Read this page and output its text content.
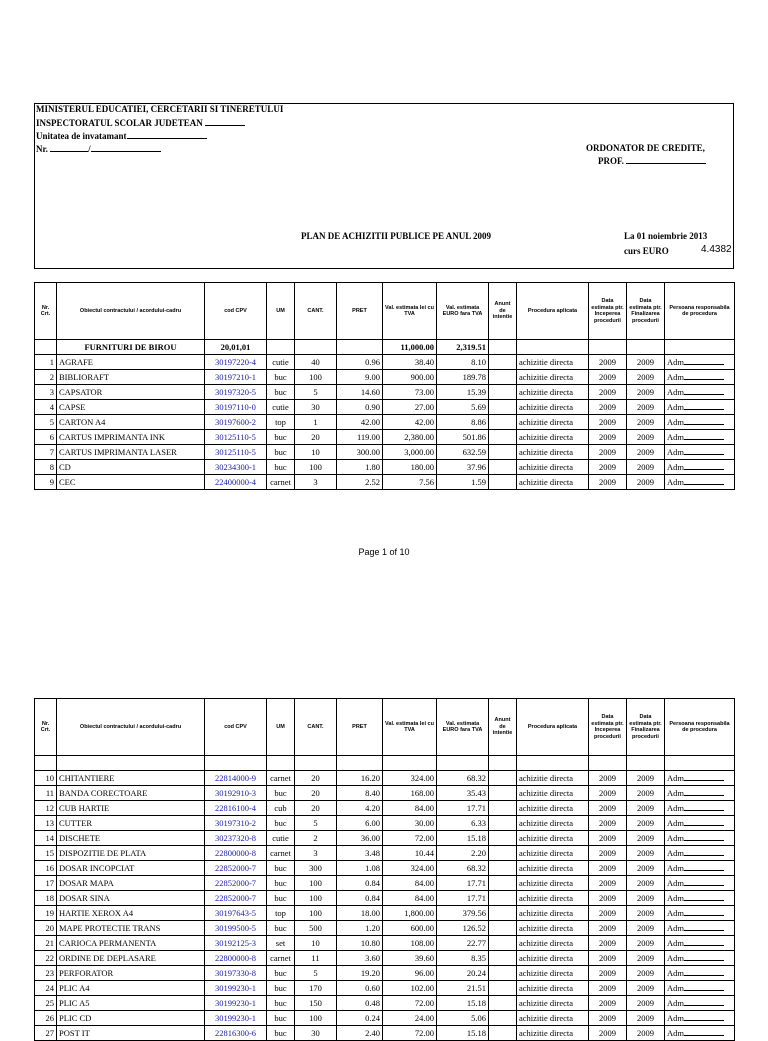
MINISTERUL EDUCATIEI, CERCETARII SI TINERETULUI
INSPECTORATUL SCOLAR JUDETEAN
Unitatea de invatamant
Nr.	/	ORDONATOR DE CREDITE,
PROF.
PLAN DE ACHIZITII PUBLICE PE ANUL 2009	La 01 noiembrie 2013
curs EURO	4.4382
Nr. Crt.	Obiectul contractului / acordului-cadru	cod CPV	UM	CANT.	PRET	Val. estimata lei cu TVA	Val. estimata EURO fara TVA	Anunt de intentie	Procedura aplicata	Data estimata ptr. Inceperea procedurii	Data estimata ptr. Finalizarea procedurii	Persoana responsabila de procedura
	FURNITURI DE BIROU	20,01,01				11,000.00	2,319.51					
1	AGRAFE	30197220-4	cutie	40	0.96	38.40	8.10		achizitie directa	2009	2009	Adm
2	BIBLIORAFT	30197210-1	buc	100	9.00	900.00	189.78		achizitie directa	2009	2009	Adm
3	CAPSATOR	30197320-5	buc	5	14.60	73.00	15.39		achizitie directa	2009	2009	Adm
4	CAPSE	30197110-0	cutie	30	0.90	27.00	5.69		achizitie directa	2009	2009	Adm
5	CARTON A4	30197600-2	top	1	42.00	42.00	8.86		achizitie directa	2009	2009	Adm
6	CARTUS IMPRIMANTA INK	30125110-5	buc	20	119.00	2,380.00	501.86		achizitie directa	2009	2009	Adm
7	CARTUS IMPRIMANTA LASER	30125110-5	buc	10	300.00	3,000.00	632.59		achizitie directa	2009	2009	Adm
8	CD	30234300-1	buc	100	1.80	180.00	37.96		achizitie directa	2009	2009	Adm
9	CEC	22400000-4	carnet	3	2.52	7.56	1.59		achizitie directa	2009	2009	Adm
Page 1 of 10
Nr. Crt.	Obiectul contractului / acordului-cadru	cod CPV	UM	CANT.	PRET	Val. estimata lei cu TVA	Val. estimata EURO fara TVA	Anunt de intentie	Procedura aplicata	Data estimata ptr. Inceperea procedurii	Data estimata ptr. Finalizarea procedurii	Persoana responsabila de procedura

10	CHITANTIERE	22814000-9	carnet	20	16.20	324.00	68.32		achizitie directa	2009	2009	Adm
11	BANDA CORECTOARE	30192910-3	buc	20	8.40	168.00	35.43		achizitie directa	2009	2009	Adm
12	CUB HARTIE	22816100-4	cub	20	4.20	84.00	17.71		achizitie directa	2009	2009	Adm
13	CUTTER	30197310-2	buc	5	6.00	30.00	6.33		achizitie directa	2009	2009	Adm
14	DISCHETE	30237320-8	cutie	2	36.00	72.00	15.18		achizitie directa	2009	2009	Adm
15	DISPOZITIE DE PLATA	22800000-8	carnet	3	3.48	10.44	2.20		achizitie directa	2009	2009	Adm
16	DOSAR INCOPCIAT	22852000-7	buc	300	1.08	324.00	68.32		achizitie directa	2009	2009	Adm
17	DOSAR MAPA	22852000-7	buc	100	0.84	84.00	17.71		achizitie directa	2009	2009	Adm
18	DOSAR SINA	22852000-7	buc	100	0.84	84.00	17.71		achizitie directa	2009	2009	Adm
19	HARTIE XEROX A4	30197643-5	top	100	18.00	1,800.00	379.56		achizitie directa	2009	2009	Adm
20	MAPE PROTECTIE TRANS	30199500-5	buc	500	1.20	600.00	126.52		achizitie directa	2009	2009	Adm
21	CARIOCA PERMANENTA	30192125-3	set	10	10.80	108.00	22.77		achizitie directa	2009	2009	Adm
22	ORDINE DE DEPLASARE	22800000-8	carnet	11	3.60	39.60	8.35		achizitie directa	2009	2009	Adm
23	PERFORATOR	30197330-8	buc	5	19.20	96.00	20.24		achizitie directa	2009	2009	Adm
24	PLIC A4	30199230-1	buc	170	0.60	102.00	21.51		achizitie directa	2009	2009	Adm
25	PLIC A5	30199230-1	buc	150	0.48	72.00	15.18		achizitie directa	2009	2009	Adm
26	PLIC CD	30199230-1	buc	100	0.24	24.00	5.06		achizitie directa	2009	2009	Adm
27	POST IT	22816300-6	buc	30	2.40	72.00	15.18		achizitie directa	2009	2009	Adm
